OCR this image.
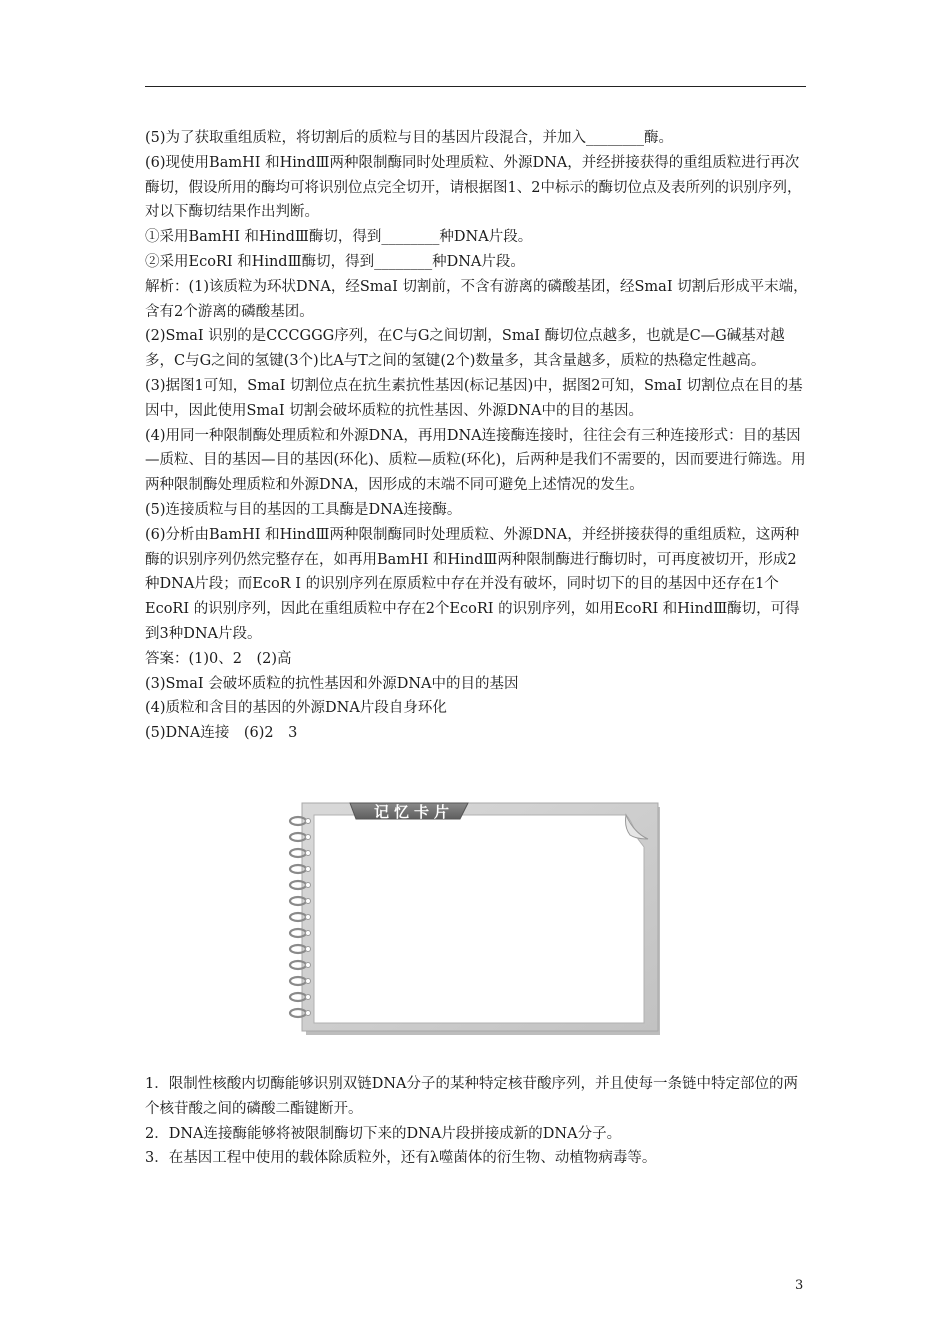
(5)为了获取重组质粒，将切割后的质粒与目的基因片段混合，并加入________酶。

(6)现使用BamHⅠ 和HindⅢ两种限制酶同时处理质粒、外源DNA，并经拼接获得的重组质粒进行再次酶切，假设所用的酶均可将识别位点完全切开，请根据图1、2中标示的酶切位点及表所列的识别序列，对以下酶切结果作出判断。

①采用BamHⅠ 和HindⅢ酶切，得到________种DNA片段。

②采用EcoRⅠ 和HindⅢ酶切，得到________种DNA片段。

解析：(1)该质粒为环状DNA，经SmaⅠ 切割前，不含有游离的磷酸基团，经SmaⅠ 切割后形成平末端，含有2个游离的磷酸基团。

(2)SmaⅠ 识别的是CCCGGG序列，在C与G之间切割，SmaⅠ 酶切位点越多，也就是C—G碱基对越多，C与G之间的氢键(3个)比A与T之间的氢键(2个)数量多，其含量越多，质粒的热稳定性越高。

(3)据图1可知，SmaⅠ 切割位点在抗生素抗性基因(标记基因)中，据图2可知，SmaⅠ 切割位点在目的基因中，因此使用SmaⅠ 切割会破坏质粒的抗性基因、外源DNA中的目的基因。

(4)用同一种限制酶处理质粒和外源DNA，再用DNA连接酶连接时，往往会有三种连接形式：目的基因—质粒、目的基因—目的基因(环化)、质粒—质粒(环化)，后两种是我们不需要的，因而要进行筛选。用两种限制酶处理质粒和外源DNA，因形成的末端不同可避免上述情况的发生。

(5)连接质粒与目的基因的工具酶是DNA连接酶。

(6)分析由BamHⅠ 和HindⅢ两种限制酶同时处理质粒、外源DNA，并经拼接获得的重组质粒，这两种酶的识别序列仍然完整存在，如再用BamHⅠ 和HindⅢ两种限制酶进行酶切时，可再度被切开，形成2种DNA片段；而EcoR Ⅰ 的识别序列在原质粒中存在并没有破坏，同时切下的目的基因中还存在1个EcoRⅠ 的识别序列，因此在重组质粒中存在2个EcoRⅠ 的识别序列，如用EcoRⅠ 和HindⅢ酶切，可得到3种DNA片段。

答案：(1)0、2　(2)高

(3)SmaⅠ 会破坏质粒的抗性基因和外源DNA中的目的基因

(4)质粒和含目的基因的外源DNA片段自身环化

(5)DNA连接　(6)2　3

记忆卡片

1．限制性核酸内切酶能够识别双链DNA分子的某种特定核苷酸序列，并且使每一条链中特定部位的两个核苷酸之间的磷酸二酯键断开。

2．DNA连接酶能够将被限制酶切下来的DNA片段拼接成新的DNA分子。

3．在基因工程中使用的载体除质粒外，还有λ噬菌体的衍生物、动植物病毒等。

3
